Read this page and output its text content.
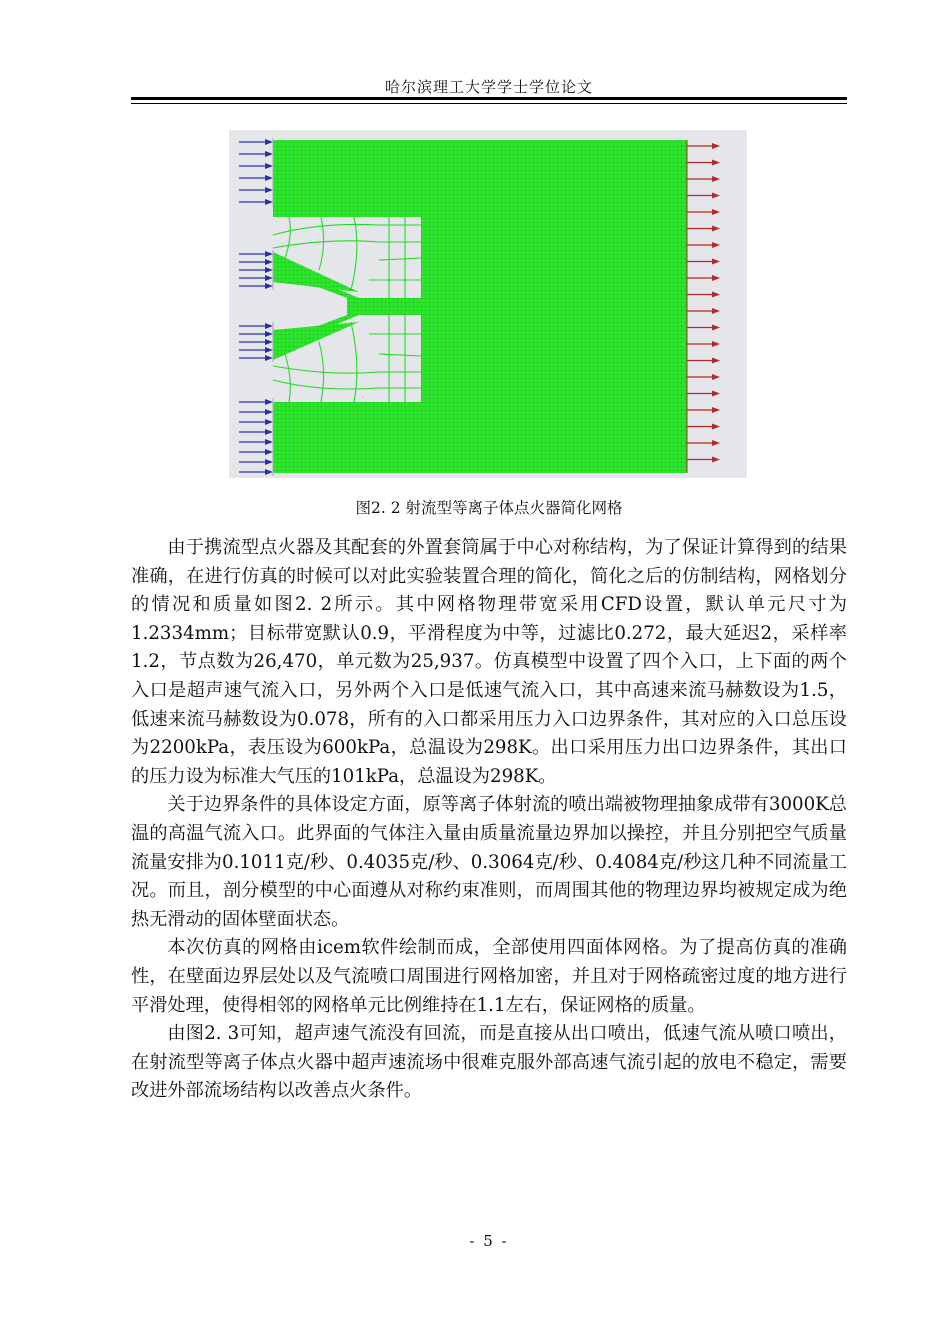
哈尔滨理工大学学士学位论文
图2. 2 射流型等离子体点火器简化网格

由于携流型点火器及其配套的外置套筒属于中心对称结构，为了保证计算得到的结果准确，在进行仿真的时候可以对此实验装置合理的简化，简化之后的仿制结构，网格划分的情况和质量如图2. 2所示。其中网格物理带宽采用CFD设置，默认单元尺寸为1.2334mm；目标带宽默认0.9，平滑程度为中等，过滤比0.272，最大延迟2，采样率1.2，节点数为26,470，单元数为25,937。仿真模型中设置了四个入口，上下面的两个入口是超声速气流入口，另外两个入口是低速气流入口，其中高速来流马赫数设为1.5，低速来流马赫数设为0.078，所有的入口都采用压力入口边界条件，其对应的入口总压设为2200kPa，表压设为600kPa，总温设为298K。出口采用压力出口边界条件，其出口的压力设为标准大气压的101kPa，总温设为298K。

关于边界条件的具体设定方面，原等离子体射流的喷出端被物理抽象成带有3000K总温的高温气流入口。此界面的气体注入量由质量流量边界加以操控，并且分别把空气质量流量安排为0.1011克/秒、0.4035克/秒、0.3064克/秒、0.4084克/秒这几种不同流量工况。而且，剖分模型的中心面遵从对称约束准则，而周围其他的物理边界均被规定成为绝热无滑动的固体壁面状态。

本次仿真的网格由icem软件绘制而成，全部使用四面体网格。为了提高仿真的准确性，在壁面边界层处以及气流喷口周围进行网格加密，并且对于网格疏密过度的地方进行平滑处理，使得相邻的网格单元比例维持在1.1左右，保证网格的质量。

由图2. 3可知，超声速气流没有回流，而是直接从出口喷出，低速气流从喷口喷出，在射流型等离子体点火器中超声速流场中很难克服外部高速气流引起的放电不稳定，需要改进外部流场结构以改善点火条件。

- 5 -
